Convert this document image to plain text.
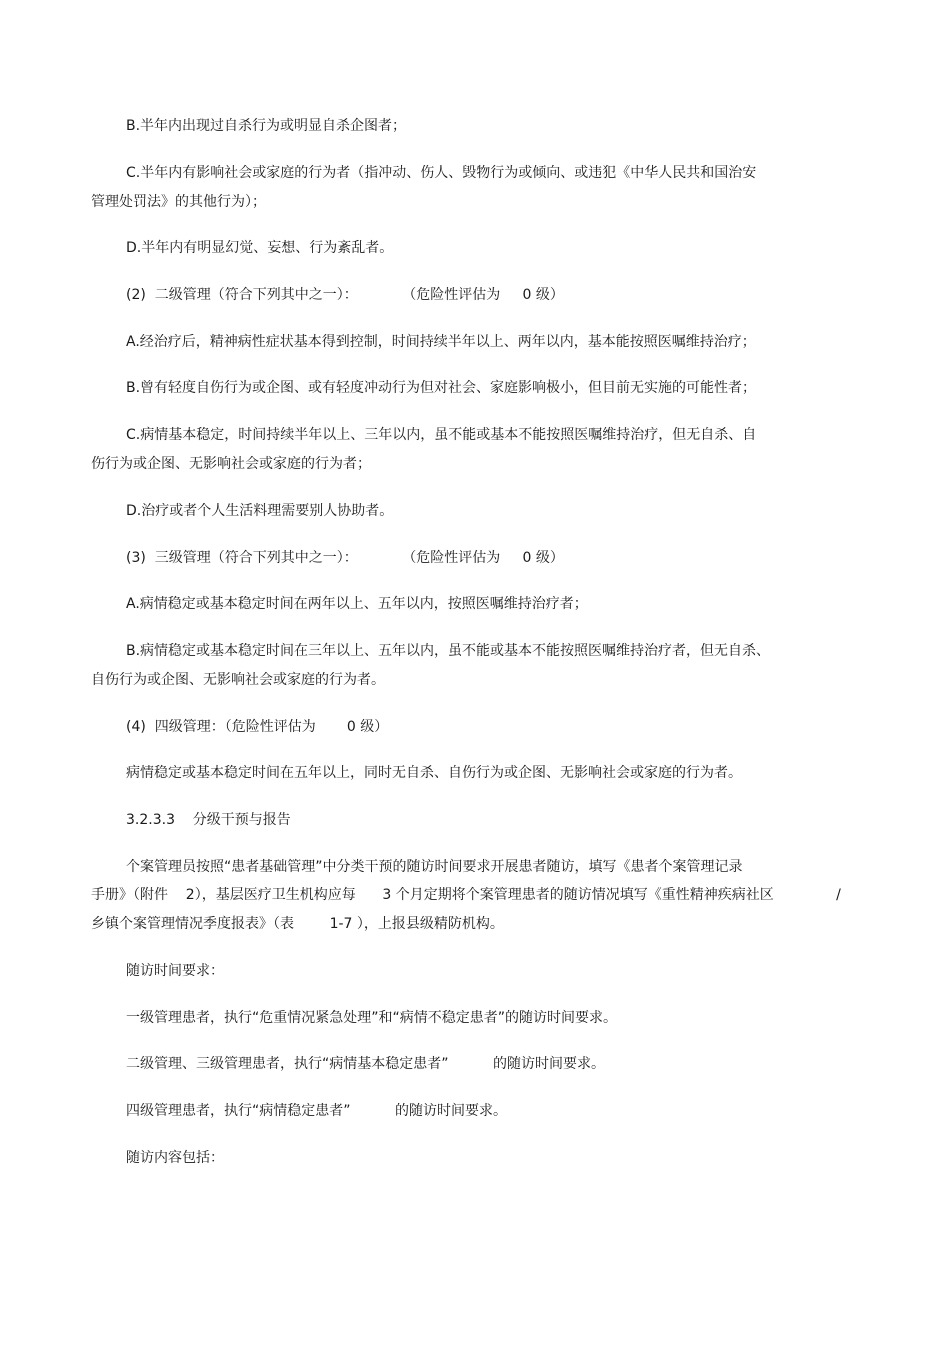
B.半年内出现过自杀行为或明显自杀企图者；

C.半年内有影响社会或家庭的行为者（指冲动、伤人、毁物行为或倾向、或违犯《中华人民共和国治安

管理处罚法》的其他行为）；

D.半年内有明显幻觉、妄想、行为紊乱者。

(2)  二级管理（符合下列其中之一）：          （危险性评估为     0 级）

A.经治疗后，精神病性症状基本得到控制，时间持续半年以上、两年以内，基本能按照医嘱维持治疗；

B.曾有轻度自伤行为或企图、或有轻度冲动行为但对社会、家庭影响极小，但目前无实施的可能性者；

C.病情基本稳定，时间持续半年以上、三年以内，虽不能或基本不能按照医嘱维持治疗，但无自杀、自

伤行为或企图、无影响社会或家庭的行为者；

D.治疗或者个人生活料理需要别人协助者。

(3)  三级管理（符合下列其中之一）：          （危险性评估为     0 级）

A.病情稳定或基本稳定时间在两年以上、五年以内，按照医嘱维持治疗者；

B.病情稳定或基本稳定时间在三年以上、五年以内，虽不能或基本不能按照医嘱维持治疗者，但无自杀、

自伤行为或企图、无影响社会或家庭的行为者。

(4)  四级管理：（危险性评估为       0 级）

病情稳定或基本稳定时间在五年以上，同时无自杀、自伤行为或企图、无影响社会或家庭的行为者。

3.2.3.3    分级干预与报告

个案管理员按照“患者基础管理”中分类干预的随访时间要求开展患者随访，填写《患者个案管理记录

手册》（附件    2），基层医疗卫生机构应每      3 个月定期将个案管理患者的随访情况填写《重性精神疾病社区              /

乡镇个案管理情况季度报表》（表        1-7 ），上报县级精防机构。

随访时间要求：

一级管理患者，执行“危重情况紧急处理”和“病情不稳定患者”的随访时间要求。

二级管理、三级管理患者，执行“病情基本稳定患者”          的随访时间要求。

四级管理患者，执行“病情稳定患者”          的随访时间要求。

随访内容包括：
